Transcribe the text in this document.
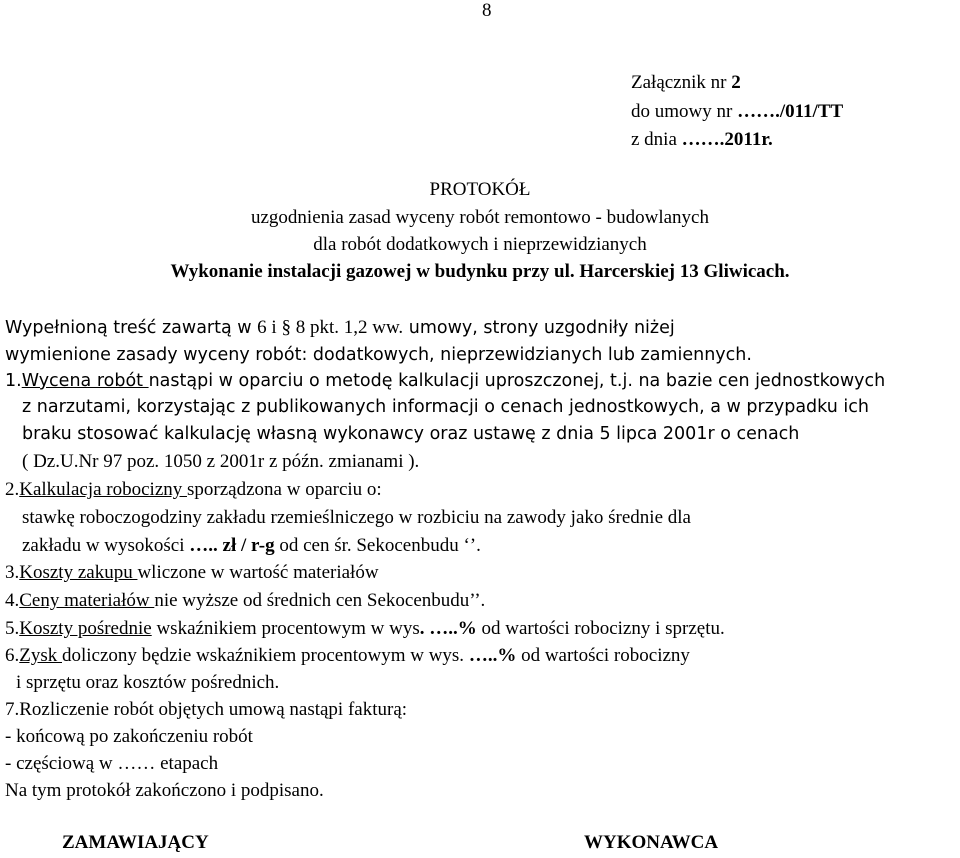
8
Załącznik nr 2
do umowy nr ……./011/TT
z dnia …….2011r.
PROTOKÓŁ
uzgodnienia zasad wyceny robót remontowo - budowlanych
dla robót dodatkowych i nieprzewidzianych
Wykonanie instalacji gazowej w budynku przy ul. Harcerskiej 13 Gliwicach.
Wypełnioną treść zawartą w 6 i § 8 pkt. 1,2 ww. umowy, strony uzgodniły niżej
wymienione zasady wyceny robót: dodatkowych, nieprzewidzianych lub zamiennych.
1.Wycena robót nastąpi w oparciu o metodę kalkulacji uproszczonej, t.j. na bazie cen jednostkowych
z narzutami, korzystając z publikowanych informacji o cenach jednostkowych, a w przypadku ich
braku stosować kalkulację własną wykonawcy oraz ustawę z dnia 5 lipca 2001r o cenach
( Dz.U.Nr 97 poz. 1050 z 2001r z późn. zmianami ).
2.Kalkulacja robocizny sporządzona w oparciu o:
stawkę roboczogodziny zakładu rzemieślniczego w rozbiciu na zawody jako średnie dla
zakładu w wysokości ….. zł / r-g od cen śr. Sekocenbudu ‘’.
3.Koszty zakupu wliczone w wartość materiałów
4.Ceny materiałów nie wyższe od średnich cen Sekocenbudu’’.
5.Koszty pośrednie wskaźnikiem procentowym w wys. …..% od wartości robocizny i sprzętu.
6.Zysk doliczony będzie wskaźnikiem procentowym w wys. …..% od wartości robocizny
i sprzętu oraz kosztów pośrednich.
7.Rozliczenie robót objętych umową nastąpi fakturą:
- końcową po zakończeniu robót
- częściową w …… etapach
Na tym protokół zakończono i podpisano.
ZAMAWIAJĄCY	WYKONAWCA
